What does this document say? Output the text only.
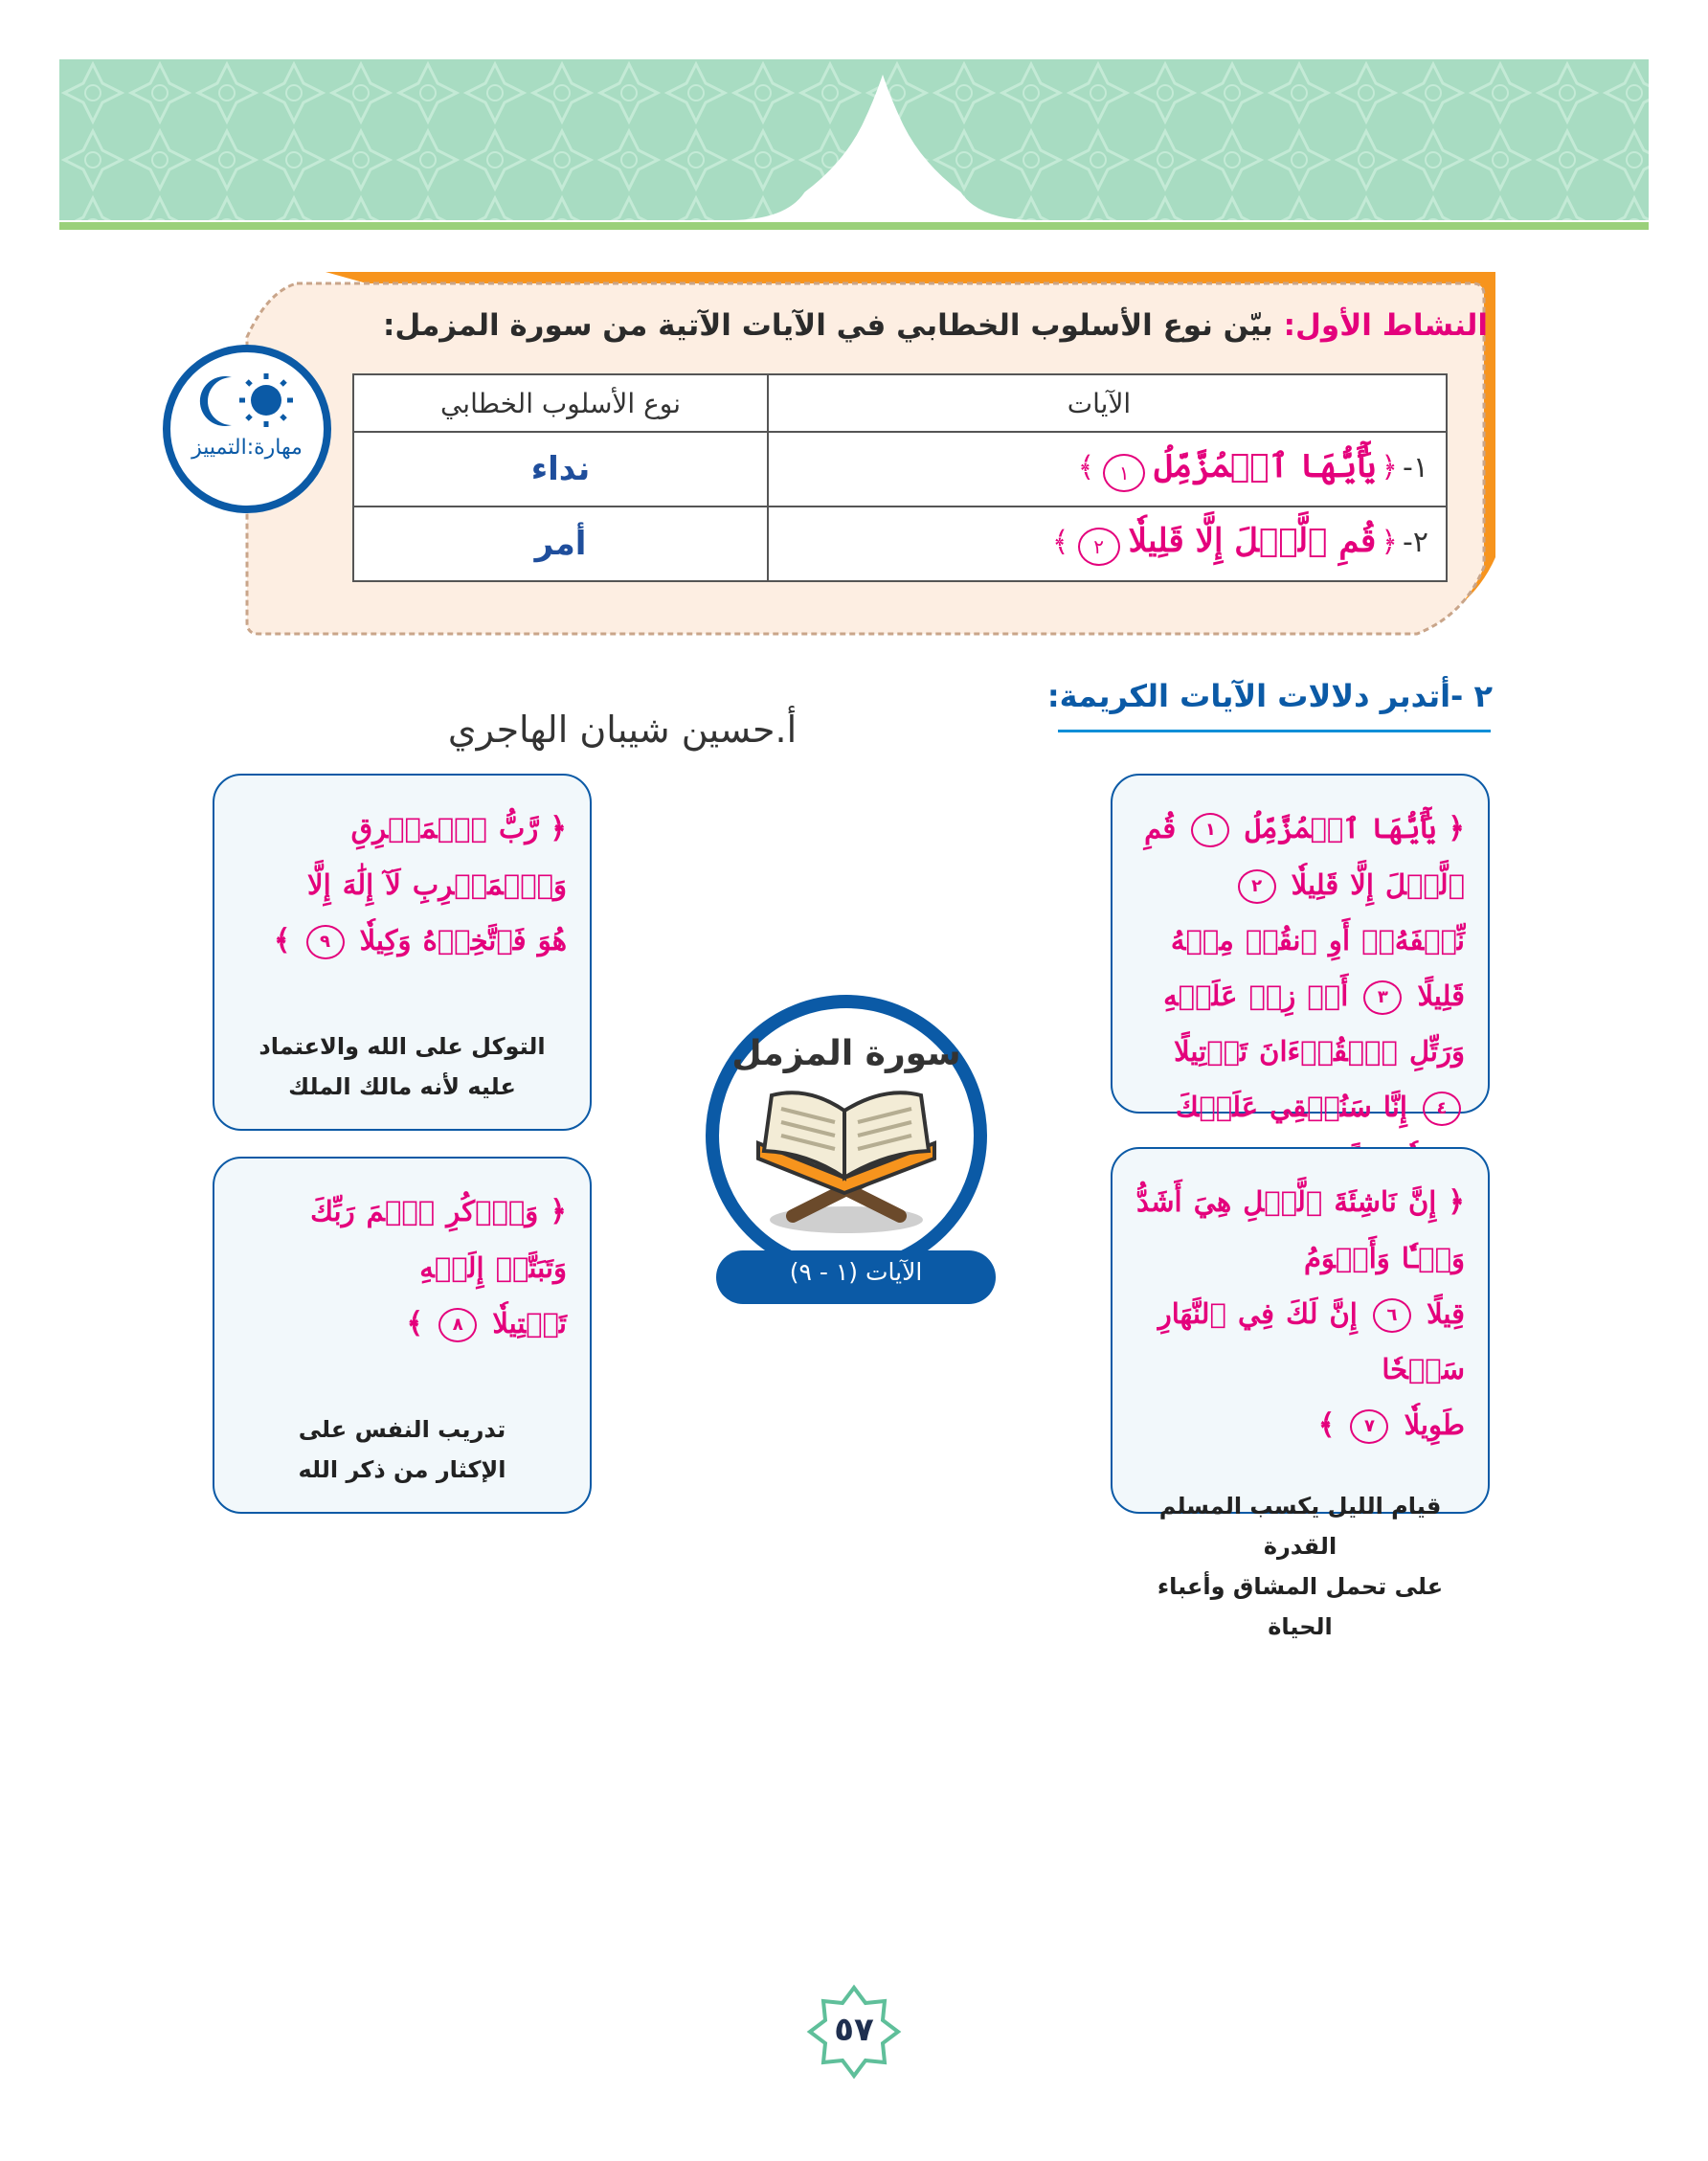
النشاط الأول: بيّن نوع الأسلوب الخطابي في الآيات الآتية من سورة المزمل:
مهارة:التمييز
الآيات	نوع الأسلوب الخطابي
١- ﴿ يَٰٓأَيُّهَا ٱلۡمُزَّمِّلُ ١ ﴾	نداء
٢- ﴿ قُمِ ٱلَّيۡلَ إِلَّا قَلِيلٗا ٢ ﴾	أمر
٢ -أتدبر دلالات الآيات الكريمة:
أ.حسين شيبان الهاجري
﴿ يَٰٓأَيُّهَا ٱلۡمُزَّمِّلُ ١ قُمِ ٱلَّيۡلَ إِلَّا قَلِيلٗا ٢
نِّصۡفَهُۥٓ أَوِ ٱنقُصۡ مِنۡهُ قَلِيلًا ٣ أَوۡ زِدۡ عَلَيۡهِ
وَرَتِّلِ ٱلۡقُرۡءَانَ تَرۡتِيلًا ٤ إِنَّا سَنُلۡقِي عَلَيۡكَ

﴿ إِنَّ نَاشِئَةَ ٱلَّيۡلِ هِيَ أَشَدُّ وَطۡـٔٗا وَأَقۡوَمُ
قِيلًا ٦ إِنَّ لَكَ فِي ٱلنَّهَارِ سَبۡحٗا
طَوِيلٗا ٧ ﴾
قيام الليل يكسب المسلم القدرة
على تحمل المشاق وأعباء الحياة
﴿ رَّبُّ ٱلۡمَشۡرِقِ وَٱلۡمَغۡرِبِ لَآ إِلَٰهَ إِلَّا
هُوَ فَٱتَّخِذۡهُ وَكِيلٗا ٩ ﴾
التوكل على الله والاعتماد
عليه لأنه مالك الملك
﴿ وَٱذۡكُرِ ٱسۡمَ رَبِّكَ وَتَبَتَّلۡ إِلَيۡهِ
تَبۡتِيلٗا ٨ ﴾
تدريب النفس على
الإكثار من ذكر الله
سورة المزمل
الآيات (١ - ٩)
٥٧
